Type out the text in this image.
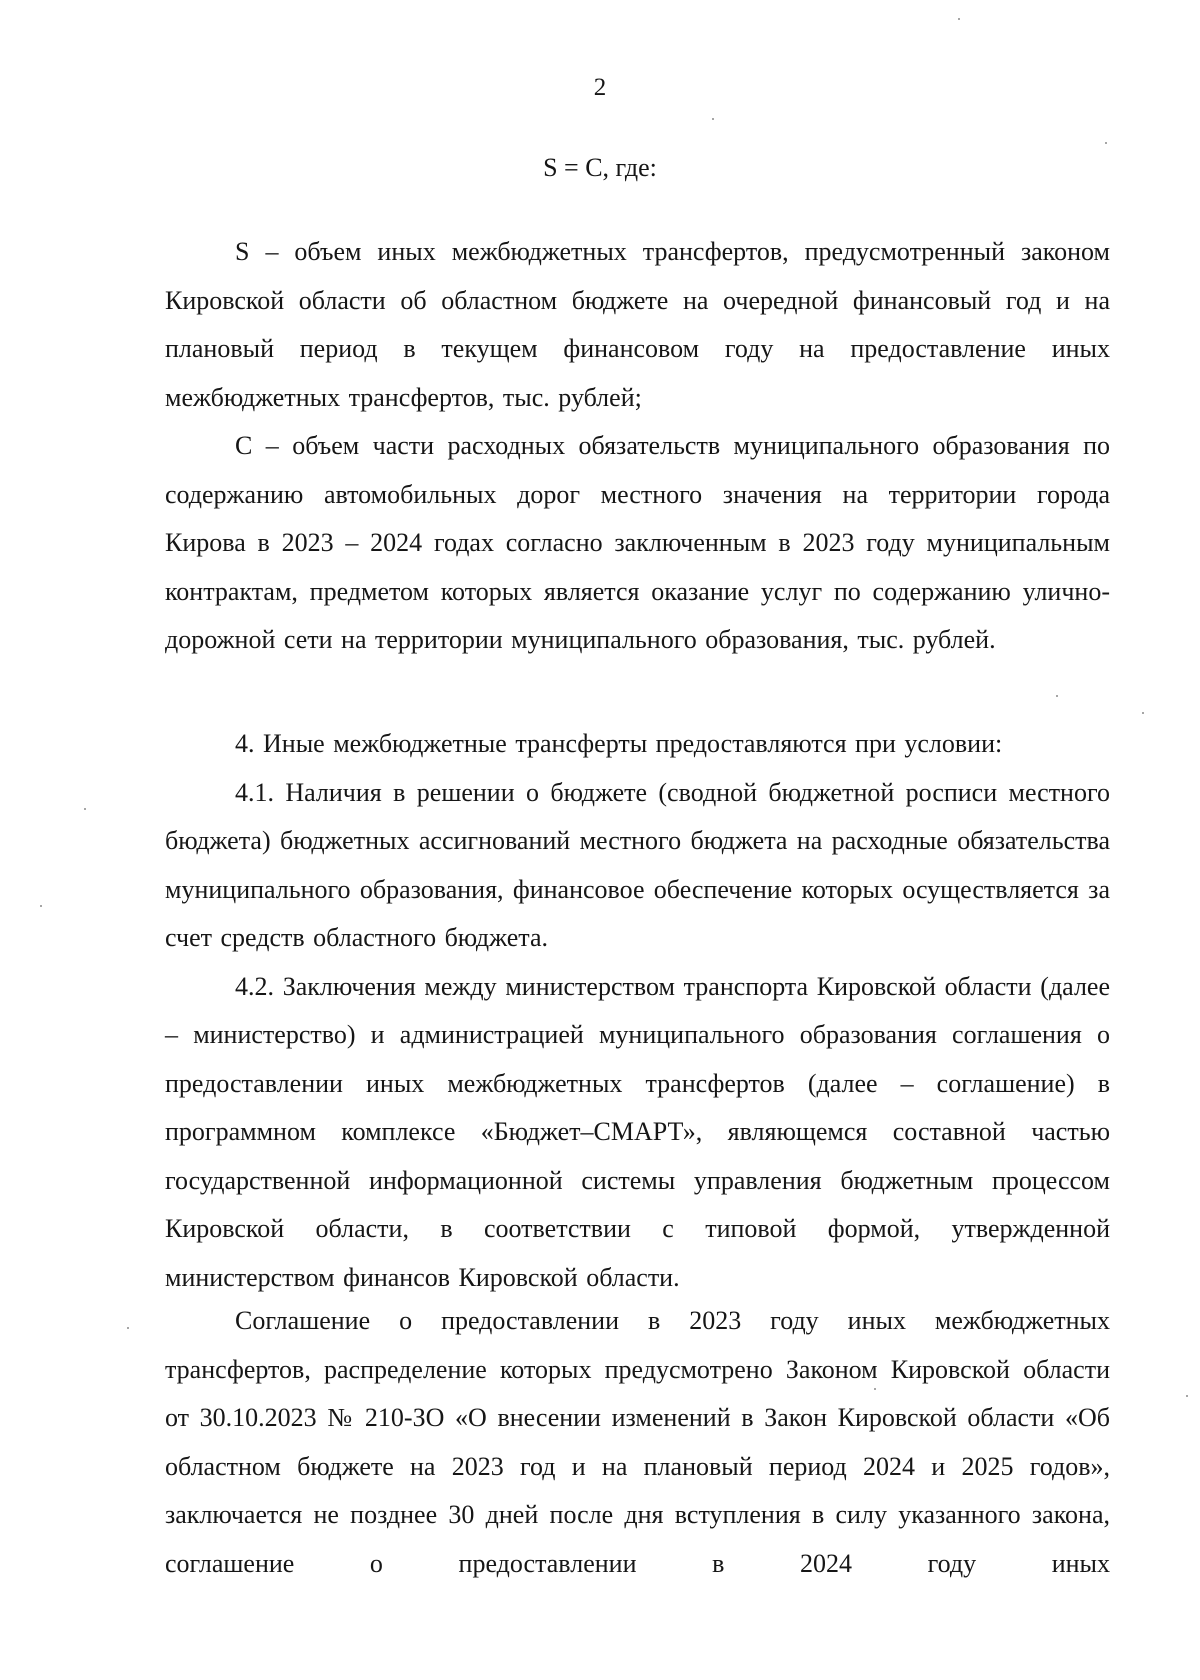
2
S = C, где:

S – объем иных межбюджетных трансфертов, предусмотренный законом Кировской области об областном бюджете на очередной финансовый год и на плановый период в текущем финансовом году на предоставление иных межбюджетных трансфертов, тыс. рублей;

С – объем части расходных обязательств муниципального образования по содержанию автомобильных дорог местного значения на территории города Кирова в 2023 – 2024 годах согласно заключенным в 2023 году муниципальным контрактам, предметом которых является оказание услуг по содержанию улично-дорожной сети на территории муниципального образования, тыс. рублей.

4. Иные межбюджетные трансферты предоставляются при условии:

4.1. Наличия в решении о бюджете (сводной бюджетной росписи местного бюджета) бюджетных ассигнований местного бюджета на расходные обязательства муниципального образования, финансовое обеспечение которых осуществляется за счет средств областного бюджета.

4.2. Заключения между министерством транспорта Кировской области (далее – министерство) и администрацией муниципального образования соглашения о предоставлении иных межбюджетных трансфертов (далее – соглашение) в программном комплексе «Бюджет–СМАРТ», являющемся составной частью государственной информационной системы управления бюджетным процессом Кировской области, в соответствии с типовой формой, утвержденной министерством финансов Кировской области.

Соглашение о предоставлении в 2023 году иных межбюджетных трансфертов, распределение которых предусмотрено Законом Кировской области от 30.10.2023 № 210-ЗО «О внесении изменений в Закон Кировской области «Об областном бюджете на 2023 год и на плановый период 2024 и 2025 годов», заключается не позднее 30 дней после дня вступления в силу указанного закона, соглашение о предоставлении в 2024 году иных
